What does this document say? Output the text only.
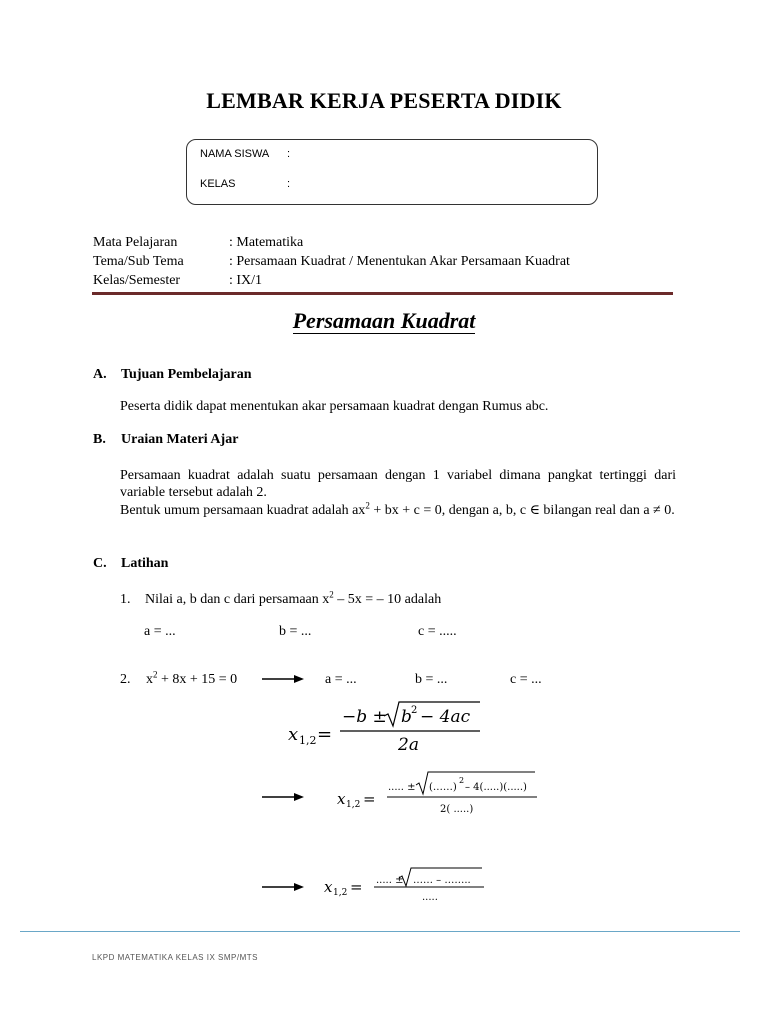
LEMBAR KERJA PESERTA DIDIK
NAMA SISWA :
KELAS	:
Mata Pelajaran	: Matematika
Tema/Sub Tema	: Persamaan Kuadrat / Menentukan Akar Persamaan Kuadrat
Kelas/Semester	: IX/1
Persamaan Kuadrat
A. Tujuan Pembelajaran
Peserta didik dapat menentukan akar persamaan kuadrat dengan Rumus abc.
B. Uraian Materi Ajar
Persamaan kuadrat adalah suatu persamaan dengan 1 variabel dimana pangkat tertinggi dari variable tersebut adalah 2.
Bentuk umum persamaan kuadrat adalah $ax^2$ + bx + c = 0, dengan a, b, c ∈ bilangan real dan a ≠ 0.
C. Latihan
1. Nilai a, b dan c dari persamaan $x^2 - 5x$ = – 10 adalah
a = ...	b = ...	c = .....
2. $x^2 + 8x + 15 = 0$	a = ...	b = ...	c = ...
x 1,2 =
−b ± b 2 − 4ac
2a
x 1,2 =
..... ± (……)
2
– 4(.....)(.....)
2( .....)
x 1,2 = ..... ± …… – ……..
.....
LKPD MATEMATIKA KELAS IX SMP/MTS
